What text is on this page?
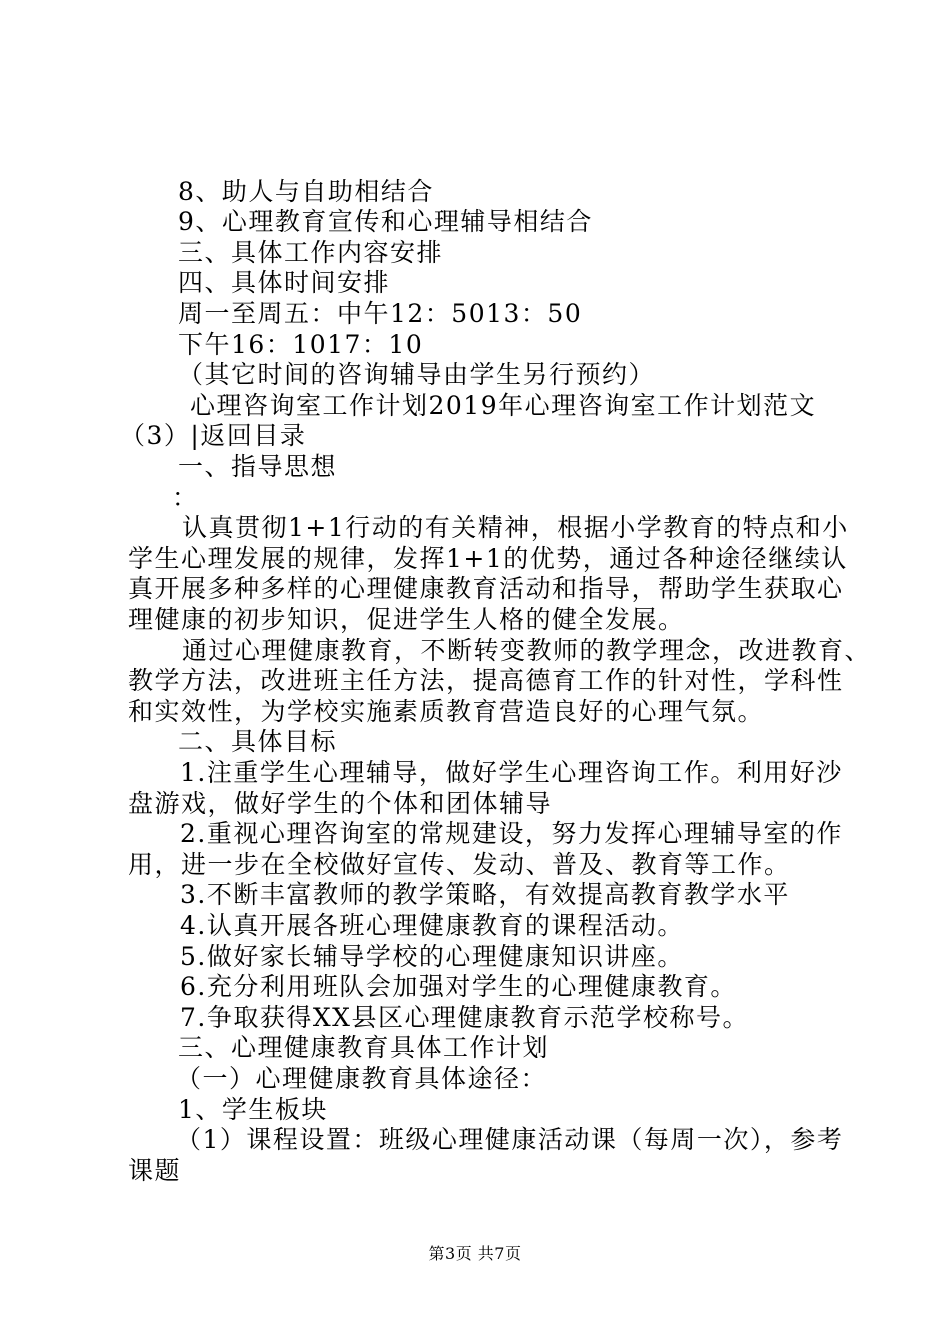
8、助人与自助相结合
9、心理教育宣传和心理辅导相结合
三、具体工作内容安排
四、具体时间安排
周一至周五：中午12：5013：50
下午16：1017：10
（其它时间的咨询辅导由学生另行预约）
心理咨询室工作计划2019年心理咨询室工作计划范文
（3）|返回目录
一、指导思想
：
认真贯彻1+1行动的有关精神，根据小学教育的特点和小
学生心理发展的规律，发挥1+1的优势，通过各种途径继续认
真开展多种多样的心理健康教育活动和指导，帮助学生获取心
理健康的初步知识，促进学生人格的健全发展。
通过心理健康教育，不断转变教师的教学理念，改进教育、
教学方法，改进班主任方法，提高德育工作的针对性，学科性
和实效性，为学校实施素质教育营造良好的心理气氛。
二、具体目标
1.注重学生心理辅导，做好学生心理咨询工作。利用好沙
盘游戏，做好学生的个体和团体辅导
2.重视心理咨询室的常规建设，努力发挥心理辅导室的作
用，进一步在全校做好宣传、发动、普及、教育等工作。
3.不断丰富教师的教学策略，有效提高教育教学水平
4.认真开展各班心理健康教育的课程活动。
5.做好家长辅导学校的心理健康知识讲座。
6.充分利用班队会加强对学生的心理健康教育。
7.争取获得XX县区心理健康教育示范学校称号。
三、心理健康教育具体工作计划
（一）心理健康教育具体途径：
1、学生板块
（1）课程设置：班级心理健康活动课（每周一次），参考
课题
第3页 共7页
